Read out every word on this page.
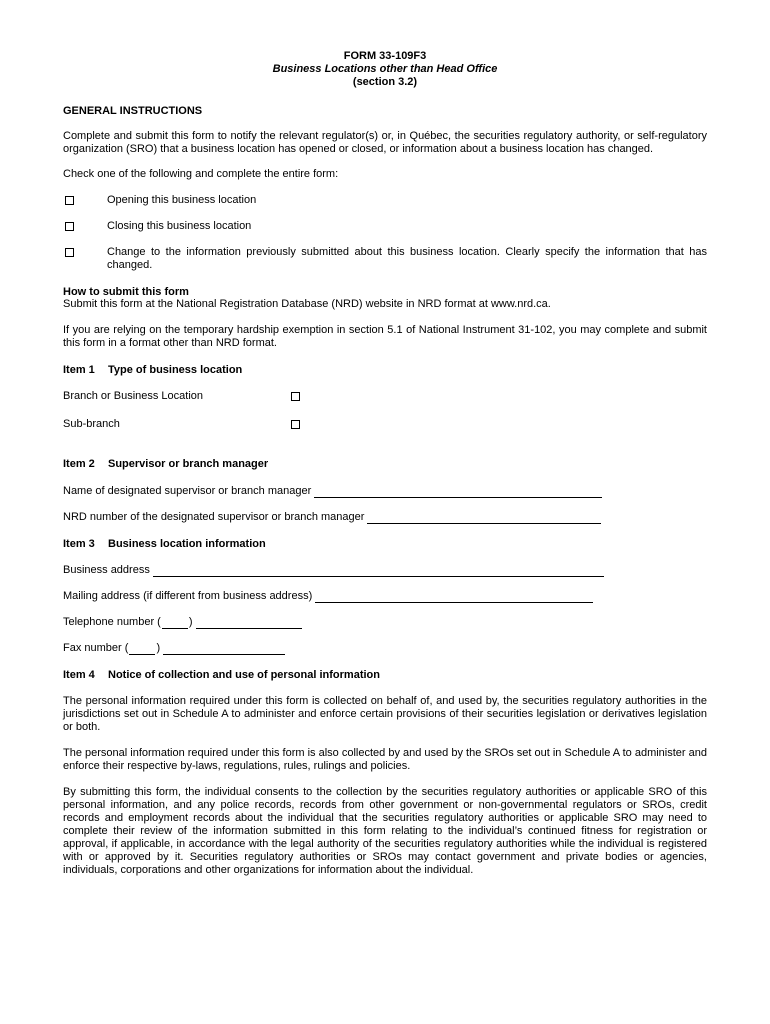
FORM 33-109F3
Business Locations other than Head Office
(section 3.2)
GENERAL INSTRUCTIONS

Complete and submit this form to notify the relevant regulator(s) or, in Québec, the securities regulatory authority, or self-regulatory organization (SRO) that a business location has opened or closed, or information about a business location has changed.

Check one of the following and complete the entire form:

Opening this business location
Closing this business location
Change to the information previously submitted about this business location. Clearly specify the information that has changed.
How to submit this form

Submit this form at the National Registration Database (NRD) website in NRD format at www.nrd.ca.

If you are relying on the temporary hardship exemption in section 5.1 of National Instrument 31-102, you may complete and submit this form in a format other than NRD format.

Item 1	Type of business location
Branch or Business Location
Sub-branch
Item 2	Supervisor or branch manager
Name of designated supervisor or branch manager
NRD number of the designated supervisor or branch manager
Item 3	Business location information
Business address
Mailing address (if different from business address)
Telephone number (	)
Fax number (	)
Item 4	Notice of collection and use of personal information

The personal information required under this form is collected on behalf of, and used by, the securities regulatory authorities in the jurisdictions set out in Schedule A to administer and enforce certain provisions of their securities legislation or derivatives legislation or both.

The personal information required under this form is also collected by and used by the SROs set out in Schedule A to administer and enforce their respective by-laws, regulations, rules, rulings and policies.

By submitting this form, the individual consents to the collection by the securities regulatory authorities or applicable SRO of this personal information, and any police records, records from other government or non-governmental regulators or SROs, credit records and employment records about the individual that the securities regulatory authorities or applicable SRO may need to complete their review of the information submitted in this form relating to the individual’s continued fitness for registration or approval, if applicable, in accordance with the legal authority of the securities regulatory authorities while the individual is registered with or approved by it. Securities regulatory authorities or SROs may contact government and private bodies or agencies, individuals, corporations and other organizations for information about the individual.
